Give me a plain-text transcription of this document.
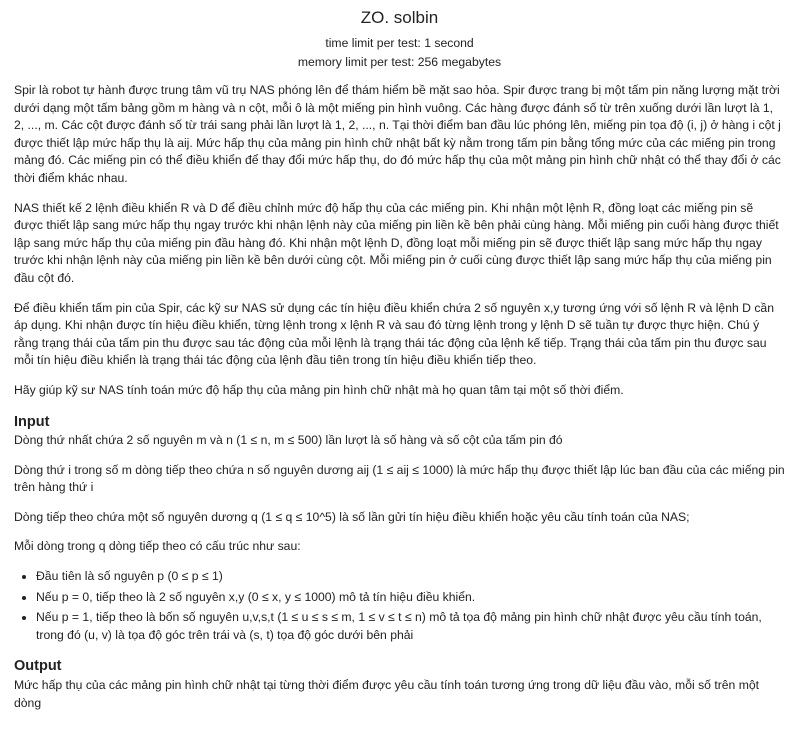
ZO. solbin
time limit per test: 1 second
memory limit per test: 256 megabytes

Spir là robot tự hành được trung tâm vũ trụ NAS phóng lên để thám hiểm bề mặt sao hỏa. Spir được trang bị một tấm pin năng lượng mặt trời dưới dạng một tấm bảng gồm m hàng và n cột, mỗi ô là một miếng pin hình vuông. Các hàng được đánh số từ trên xuống dưới lần lượt là 1, 2, ..., m. Các cột được đánh số từ trái sang phải lần lượt là 1, 2, ..., n. Tại thời điểm ban đầu lúc phóng lên, miếng pin tọa độ (i, j) ở hàng i cột j được thiết lập mức hấp thụ là aij. Mức hấp thụ của mảng pin hình chữ nhật bất kỳ nằm trong tấm pin bằng tổng mức của các miếng pin trong mảng đó. Các miếng pin có thể điều khiển để thay đổi mức hấp thụ, do đó mức hấp thụ của một mảng pin hình chữ nhật có thể thay đổi ở các thời điểm khác nhau.

NAS thiết kế 2 lệnh điều khiển R và D để điều chỉnh mức độ hấp thụ của các miếng pin. Khi nhận một lệnh R, đồng loạt các miếng pin sẽ được thiết lập sang mức hấp thụ ngay trước khi nhận lệnh này của miếng pin liền kề bên phải cùng hàng. Mỗi miếng pin cuối hàng được thiết lập sang mức hấp thụ của miếng pin đầu hàng đó. Khi nhận một lệnh D, đồng loạt mỗi miếng pin sẽ được thiết lập sang mức hấp thụ ngay trước khi nhận lệnh này của miếng pin liền kề bên dưới cùng cột. Mỗi miếng pin ở cuối cùng được thiết lập sang mức hấp thụ của miếng pin đầu cột đó.

Để điều khiển tấm pin của Spir, các kỹ sư NAS sử dụng các tín hiệu điều khiển chứa 2 số nguyên x,y tương ứng với số lệnh R và lệnh D cần áp dụng. Khi nhận được tín hiệu điều khiển, từng lệnh trong x lệnh R và sau đó từng lệnh trong y lệnh D sẽ tuần tự được thực hiện. Chú ý rằng trạng thái của tấm pin thu được sau tác động của mỗi lệnh là trạng thái tác động của lệnh kế tiếp. Trạng thái của tấm pin thu được sau mỗi tín hiệu điều khiển là trạng thái tác động của lệnh đầu tiên trong tín hiệu điều khiển tiếp theo.

Hãy giúp kỹ sư NAS tính toán mức độ hấp thụ của mảng pin hình chữ nhật mà họ quan tâm tại một số thời điểm.

Input

Dòng thứ nhất chứa 2 số nguyên m và n (1 ≤ n, m ≤ 500) lần lượt là số hàng và số cột của tấm pin đó

Dòng thứ i trong số m dòng tiếp theo chứa n số nguyên dương aij (1 ≤ aij ≤ 1000) là mức hấp thụ được thiết lập lúc ban đầu của các miếng pin trên hàng thứ i

Dòng tiếp theo chứa một số nguyên dương q (1 ≤ q ≤ 10^5) là số lần gửi tín hiệu điều khiển hoặc yêu cầu tính toán của NAS;

Mỗi dòng trong q dòng tiếp theo có cấu trúc như sau:

• Đầu tiên là số nguyên p (0 ≤ p ≤ 1)
• Nếu p = 0, tiếp theo là 2 số nguyên x,y (0 ≤ x, y ≤ 1000) mô tả tín hiệu điều khiển.
• Nếu p = 1, tiếp theo là bốn số nguyên u,v,s,t (1 ≤ u ≤ s ≤ m, 1 ≤ v ≤ t ≤ n) mô tả tọa độ mảng pin hình chữ nhật được yêu cầu tính toán, trong đó (u, v) là tọa độ góc trên trái và (s, t) tọa độ góc dưới bên phải
Output

Mức hấp thụ của các mảng pin hình chữ nhật tại từng thời điểm được yêu cầu tính toán tương ứng trong dữ liệu đầu vào, mỗi số trên một dòng
